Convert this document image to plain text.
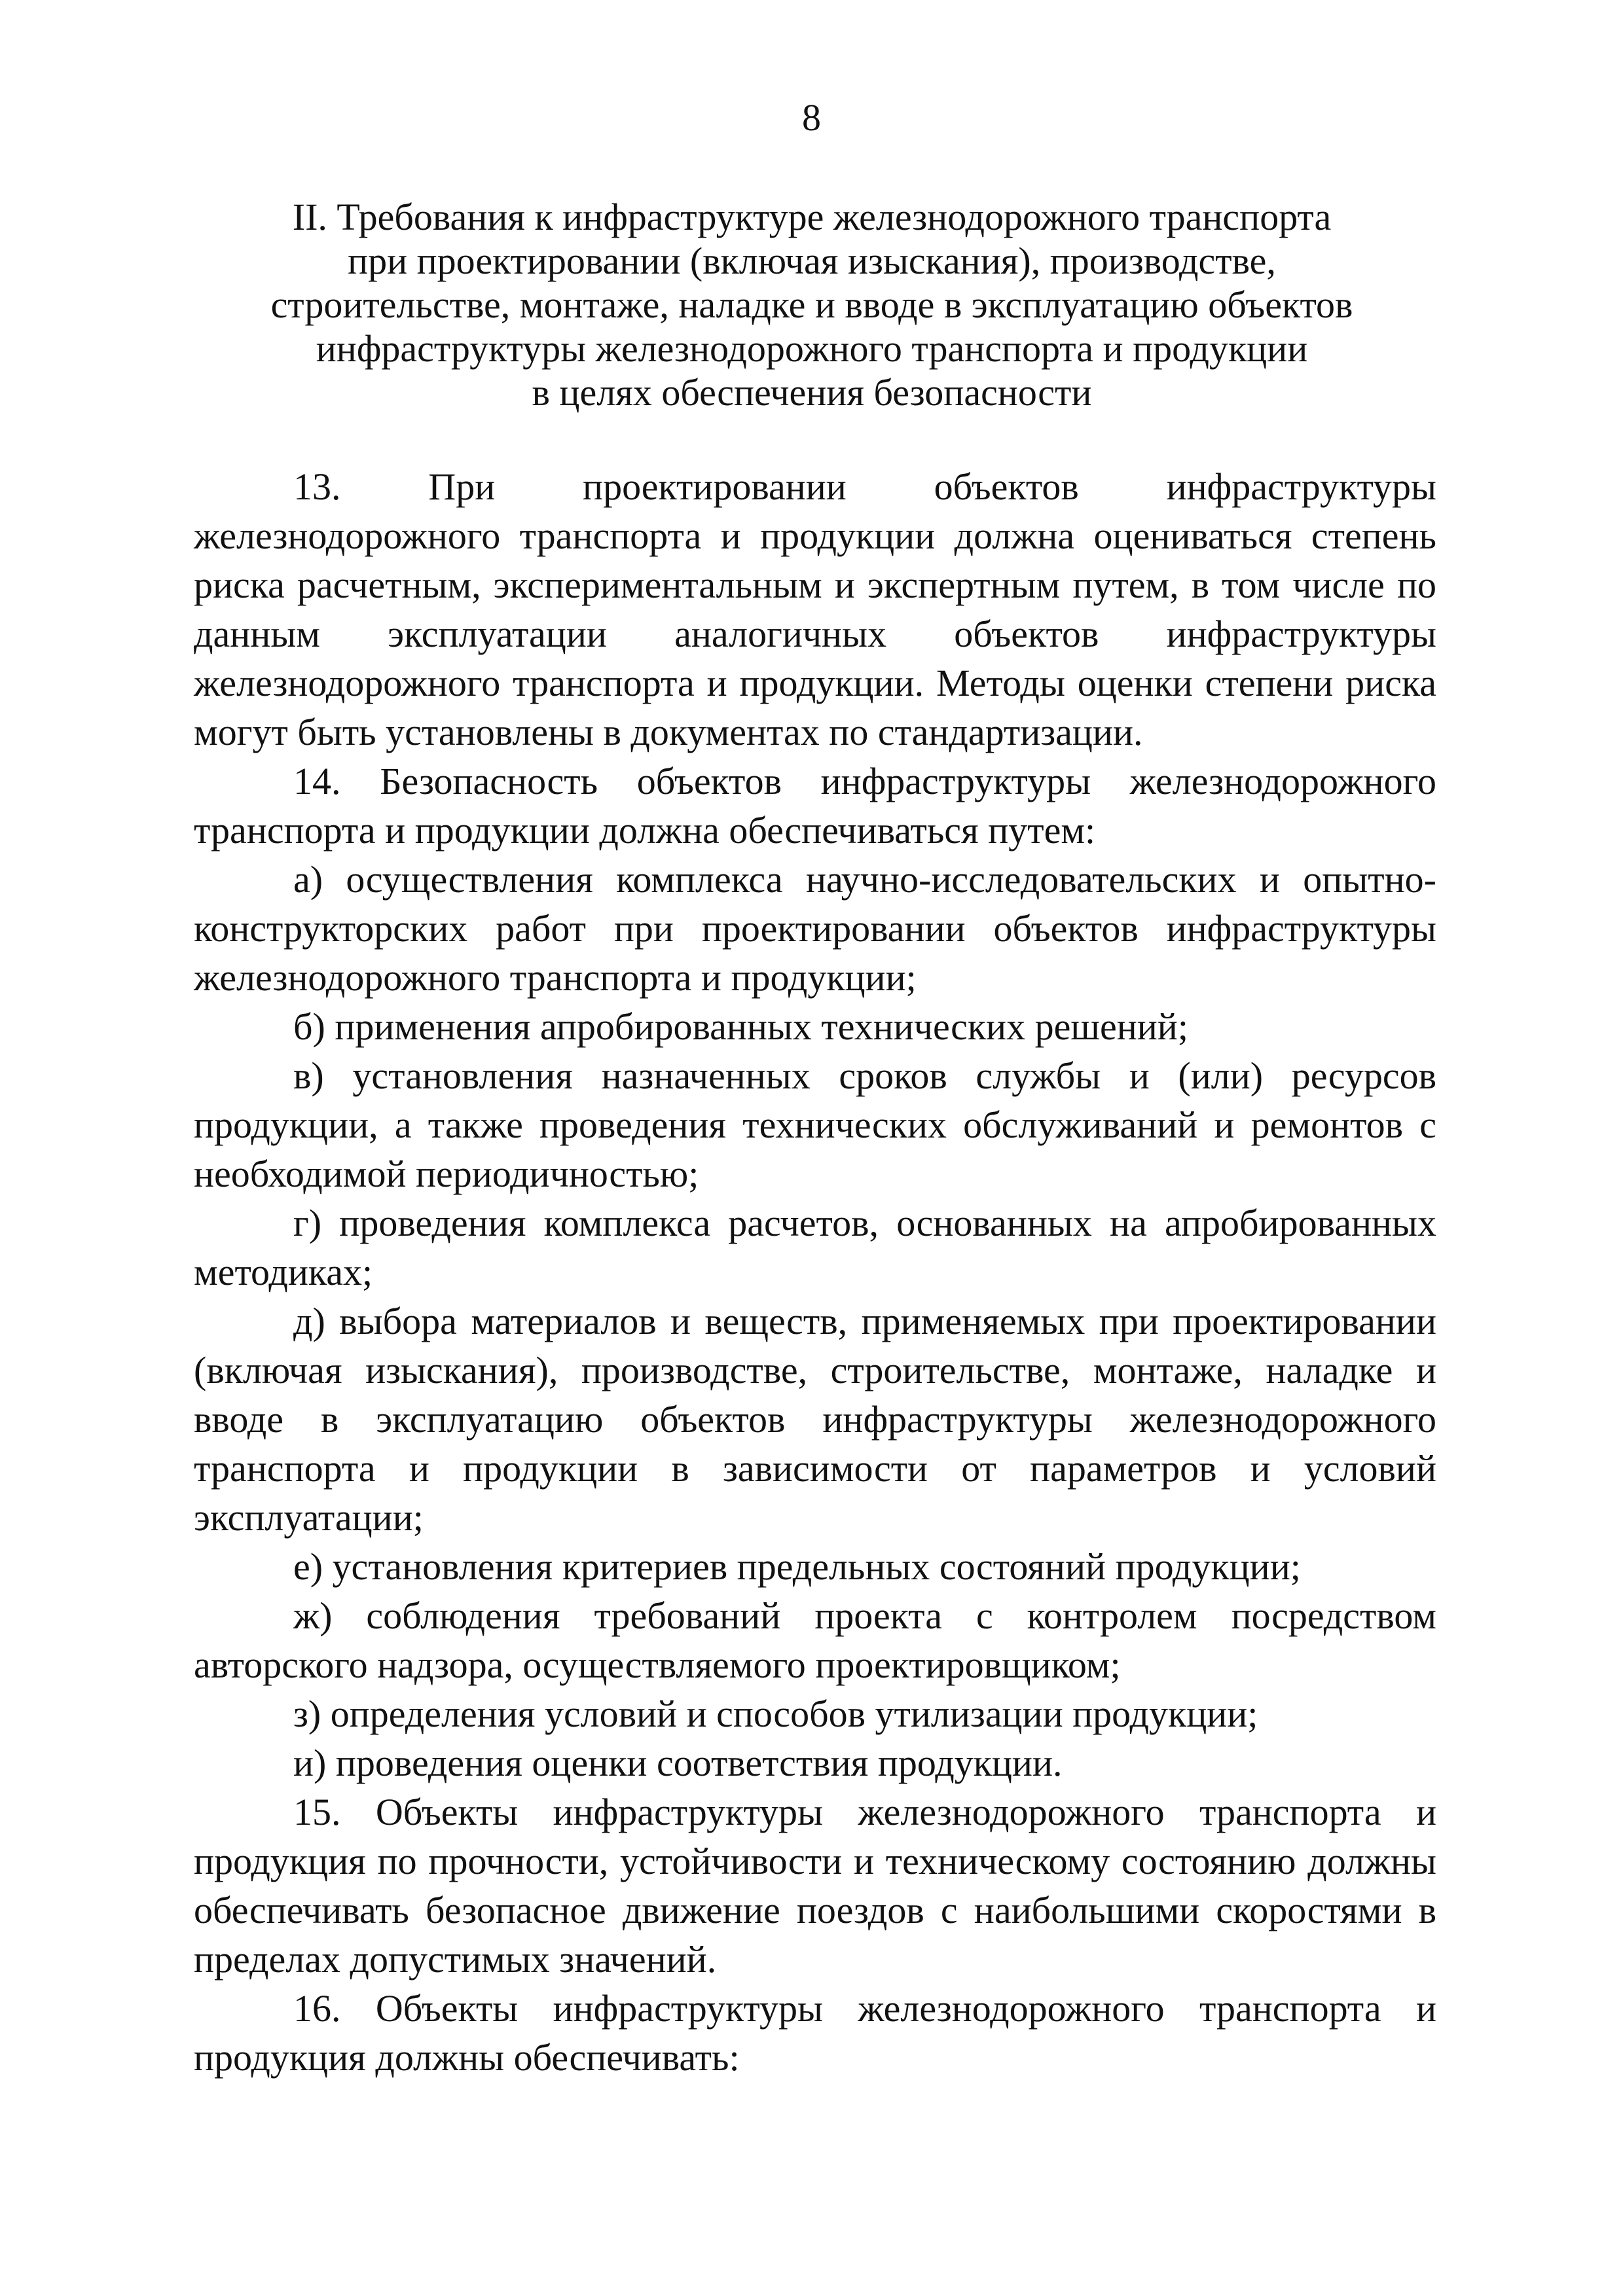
8
II. Требования к инфраструктуре железнодорожного транспорта
при проектировании (включая изыскания), производстве,
строительстве, монтаже, наладке и вводе в эксплуатацию объектов
инфраструктуры железнодорожного транспорта и продукции
в целях обеспечения безопасности

13. При проектировании объектов инфраструктуры железнодорожного транспорта и продукции должна оцениваться степень риска расчетным, экспериментальным и экспертным путем, в том числе по данным эксплуатации аналогичных объектов инфраструктуры железнодорожного транспорта и продукции. Методы оценки степени риска могут быть установлены в документах по стандартизации.

14. Безопасность объектов инфраструктуры железнодорожного транспорта и продукции должна обеспечиваться путем:

а) осуществления комплекса научно-исследовательских и опытно-конструкторских работ при проектировании объектов инфраструктуры железнодорожного транспорта и продукции;

б) применения апробированных технических решений;

в) установления назначенных сроков службы и (или) ресурсов продукции, а также проведения технических обслуживаний и ремонтов с необходимой периодичностью;

г) проведения комплекса расчетов, основанных на апробированных методиках;

д) выбора материалов и веществ, применяемых при проектировании (включая изыскания), производстве, строительстве, монтаже, наладке и вводе в эксплуатацию объектов инфраструктуры железнодорожного транспорта и продукции в зависимости от параметров и условий эксплуатации;

е) установления критериев предельных состояний продукции;

ж) соблюдения требований проекта с контролем посредством авторского надзора, осуществляемого проектировщиком;

з) определения условий и способов утилизации продукции;

и) проведения оценки соответствия продукции.

15. Объекты инфраструктуры железнодорожного транспорта и продукция по прочности, устойчивости и техническому состоянию должны обеспечивать безопасное движение поездов с наибольшими скоростями в пределах допустимых значений.

16. Объекты инфраструктуры железнодорожного транспорта и продукция должны обеспечивать:
